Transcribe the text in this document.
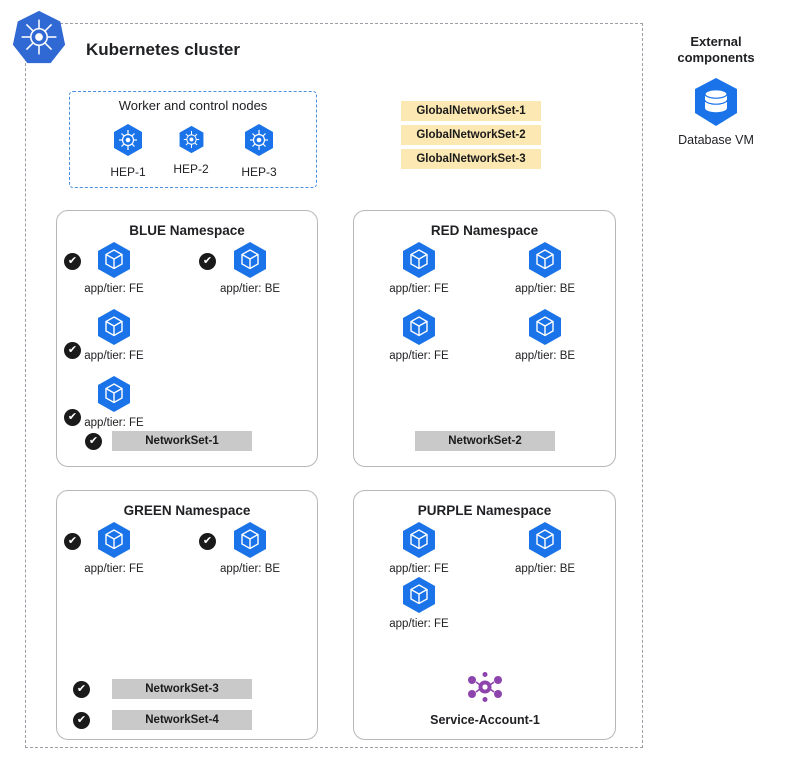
Kubernetes cluster
Worker and control nodes
HEP-1	HEP-2	HEP-3
GlobalNetworkSet-1
GlobalNetworkSet-2
GlobalNetworkSet-3
External
components
Database VM
BLUE Namespace
app/tier: FE
✔
app/tier: BE
✔
app/tier: FE
✔
app/tier: FE
✔
NetworkSet-1
✔
RED Namespace
app/tier: FE	app/tier: BE
app/tier: FE	app/tier: BE
NetworkSet-2
GREEN Namespace
app/tier: FE
✔
app/tier: BE
✔
NetworkSet-3
✔
NetworkSet-4
✔
PURPLE Namespace
app/tier: FE	app/tier: BE
app/tier: FE
Service-Account-1
